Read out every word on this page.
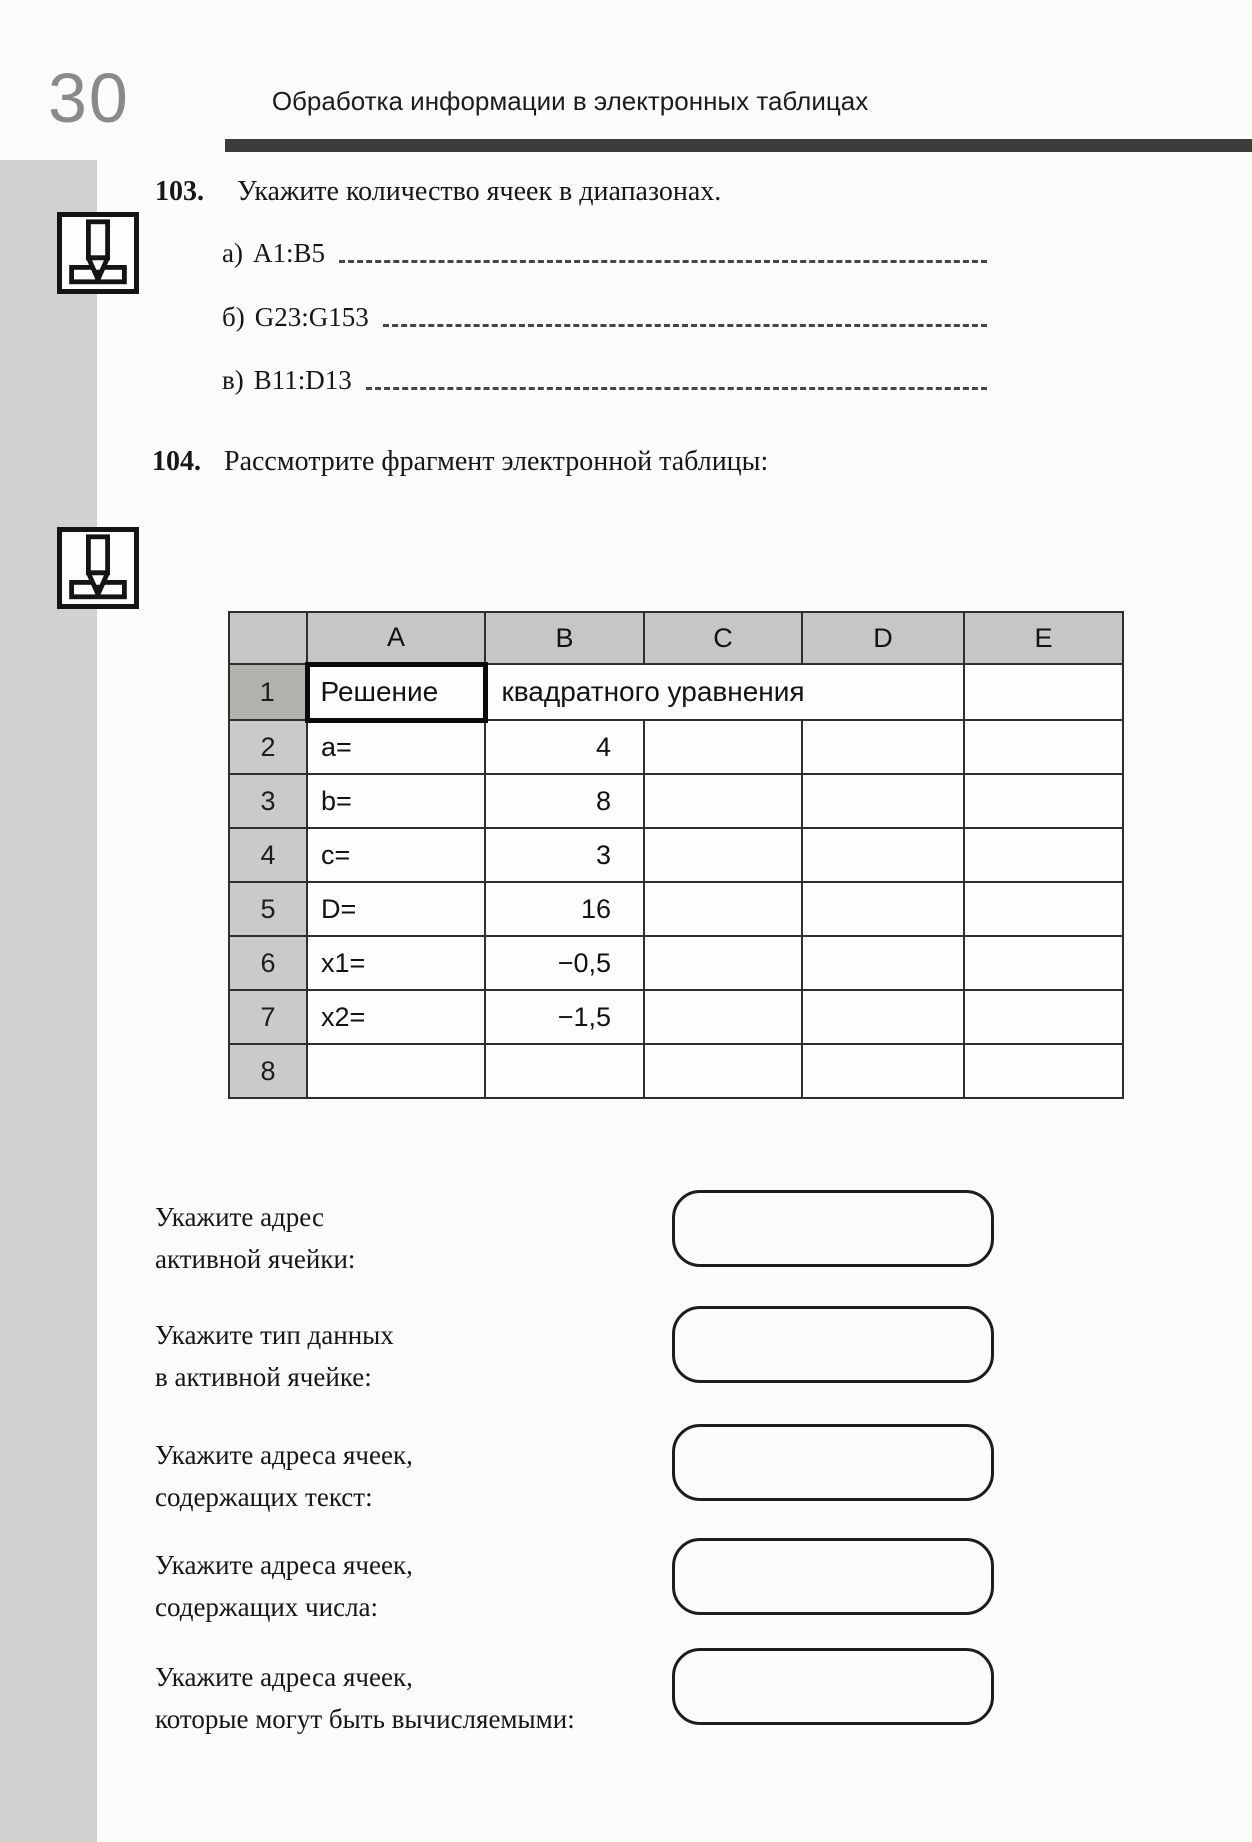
30	Обработка информации в электронных таблицах
103. Укажите количество ячеек в диапазонах.
а) A1:B5
б) G23:G153
в) B11:D13
104. Рассмотрите фрагмент электронной таблицы:
	A	B	C	D	E
1	Решение	квадратного уравнения			
2	a=	4			
3	b=	8			
4	c=	3			
5	D=	16			
6	x1=	−0,5			
7	x2=	−1,5			
8					
Укажите адрес
активной ячейки:
Укажите тип данных
в активной ячейке:
Укажите адреса ячеек,
содержащих текст:
Укажите адреса ячеек,
содержащих числа:
Укажите адреса ячеек,
которые могут быть вычисляемыми:
